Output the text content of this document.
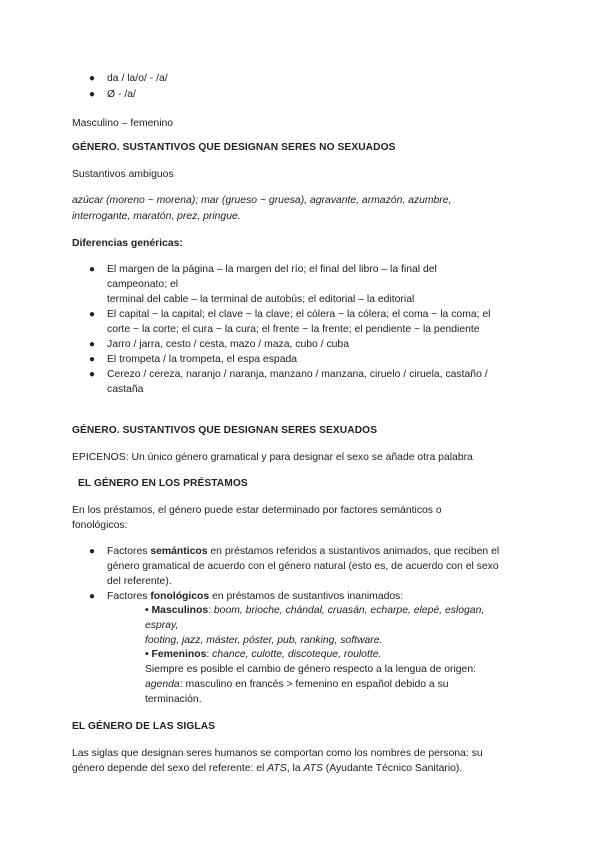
● da / la/o/ - /a/
● Ø - /a/
Masculino – femenino
GÉNERO. SUSTANTIVOS QUE DESIGNAN SERES NO SEXUADOS
Sustantivos ambiguos
azúcar (moreno ~ morena); mar (grueso ~ gruesa), agravante, armazón, azumbre,
interrogante, maratón, prez, pringue.
Diferencias genéricas:
● El margen de la página – la margen del río; el final del libro – la final del
campeonato; el
terminal del cable – la terminal de autobús; el editorial – la editorial
● El capital ~ la capital; el clave ~ la clave; el cólera ~ la cólera; el coma ~ la coma; el
corte ~ la corte; el cura ~ la cura; el frente ~ la frente; el pendiente ~ la pendiente
● Jarro / jarra, cesto / cesta, mazo / maza, cubo / cuba
● El trompeta / la trompeta, el espa espada
● Cerezo / cereza, naranjo / naranja, manzano / manzana, ciruelo / ciruela, castaño /
castaña
GÉNERO. SUSTANTIVOS QUE DESIGNAN SERES SEXUADOS
EPICENOS: Un único género gramatical y para designar el sexo se añade otra palabra
EL GÉNERO EN LOS PRÉSTAMOS
En los préstamos, el género puede estar determinado por factores semánticos o
fonológicos:
● Factores semánticos en préstamos referidos a sustantivos animados, que reciben el
género gramatical de acuerdo con el género natural (esto es, de acuerdo con el sexo
del referente).
● Factores fonológicos en préstamos de sustantivos inanimados:
• Masculinos: boom, brioche, chándal, cruasán, echarpe, elepé, eslogan,
espray,
footing, jazz, máster, póster, pub, ranking, software.
• Femeninos: chance, culotte, discoteque, roulotte.
Siempre es posible el cambio de género respecto a la lengua de origen:
agenda: masculino en francés > femenino en español debido a su
terminación.
EL GÉNERO DE LAS SIGLAS
Las siglas que designan seres humanos se comportan como los nombres de persona: su
género depende del sexo del referente: el ATS, la ATS (Ayudante Técnico Sanitario).
